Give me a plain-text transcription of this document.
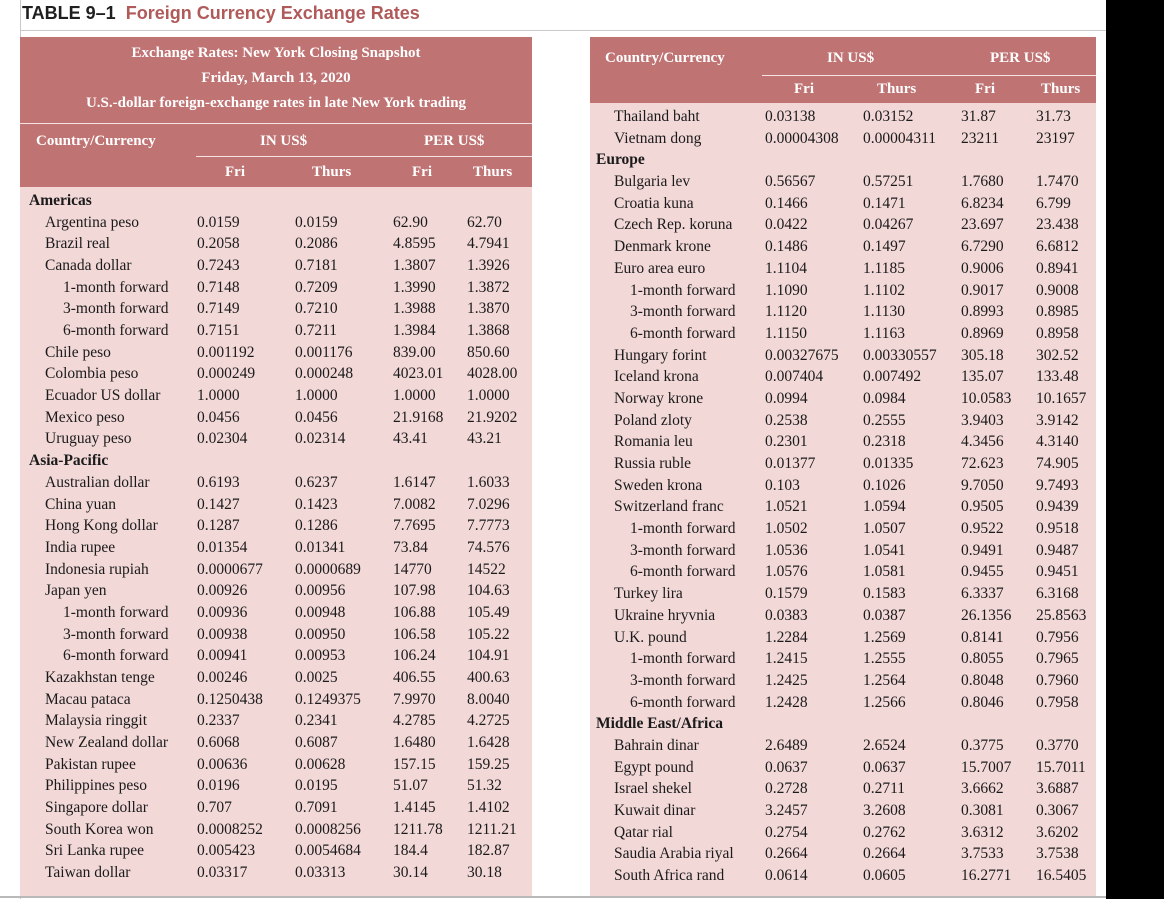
TABLE 9–1 Foreign Currency Exchange Rates
Exchange Rates: New York Closing Snapshot
Friday, March 13, 2020
U.S.-dollar foreign-exchange rates in late New York trading
Country/Currency	IN US$	PER US$
Fri	Thurs	Fri	Thurs
Americas
Argentina peso	0.0159	0.0159	62.90	62.70
Brazil real	0.2058	0.2086	4.8595 4.7941
Canada dollar	0.7243	0.7181	1.3807 1.3926
1-month forward 0.7148	0.7209	1.3990 1.3872
3-month forward 0.7149	0.7210	1.3988 1.3870
6-month forward 0.7151	0.7211	1.3984 1.3868
Chile peso	0.001192	0.001176	839.00 850.60
Colombia peso	0.000249	0.000248	4023.01 4028.00
Ecuador US dollar 1.0000	1.0000	1.0000 1.0000
Mexico peso	0.0456	0.0456	21.9168 21.9202
Uruguay peso	0.02304	0.02314	43.41	43.21
Asia-Pacific
Australian dollar	0.6193	0.6237	1.6147 1.6033
China yuan	0.1427	0.1423	7.0082 7.0296
Hong Kong dollar	0.1287	0.1286	7.7695 7.7773
India rupee	0.01354	0.01341	73.84	74.576
Indonesia rupiah	0.0000677 0.0000689 14770 14522
Japan yen	0.00926	0.00956	107.98 104.63
1-month forward 0.00936	0.00948	106.88 105.49
3-month forward 0.00938	0.00950	106.58 105.22
6-month forward 0.00941	0.00953	106.24 104.91
Kazakhstan tenge	0.00246	0.0025	406.55 400.63
Macau pataca	0.1250438 0.1249375 7.9970 8.0040
Malaysia ringgit	0.2337	0.2341	4.2785 4.2725
New Zealand dollar 0.6068	0.6087	1.6480 1.6428
Pakistan rupee	0.00636	0.00628	157.15 159.25
Philippines peso	0.0196	0.0195	51.07	51.32
Singapore dollar	0.707	0.7091	1.4145 1.4102
South Korea won	0.0008252 0.0008256 1211.78 1211.21
Sri Lanka rupee	0.005423	0.0054684 184.4	182.87
Taiwan dollar	0.03317	0.03313	30.14	30.18
Country/Currency	IN US$	PER US$
Fri	Thurs	Fri	Thurs
Thailand baht	0.03138	0.03152	31.87	31.73
Vietnam dong	0.00004308 0.00004311 23211 23197
Europe
Bulgaria lev	0.56567	0.57251	1.7680 1.7470
Croatia kuna	0.1466	0.1471	6.8234 6.799
Czech Rep. koruna 0.0422	0.04267	23.697 23.438
Denmark krone	0.1486	0.1497	6.7290 6.6812
Euro area euro	1.1104	1.1185	0.9006 0.8941
1-month forward 1.1090	1.1102	0.9017 0.9008
3-month forward 1.1120	1.1130	0.8993 0.8985
6-month forward 1.1150	1.1163	0.8969 0.8958
Hungary forint	0.00327675 0.00330557 305.18 302.52
Iceland krona	0.007404	0.007492	135.07 133.48
Norway krone	0.0994	0.0984	10.0583 10.1657
Poland zloty	0.2538	0.2555	3.9403 3.9142
Romania leu	0.2301	0.2318	4.3456 4.3140
Russia ruble	0.01377	0.01335	72.623 74.905
Sweden krona	0.103	0.1026	9.7050 9.7493
Switzerland franc	1.0521	1.0594	0.9505 0.9439
1-month forward 1.0502	1.0507	0.9522 0.9518
3-month forward 1.0536	1.0541	0.9491 0.9487
6-month forward 1.0576	1.0581	0.9455 0.9451
Turkey lira	0.1579	0.1583	6.3337 6.3168
Ukraine hryvnia	0.0383	0.0387	26.1356 25.8563
U.K. pound	1.2284	1.2569	0.8141 0.7956
1-month forward 1.2415	1.2555	0.8055 0.7965
3-month forward 1.2425	1.2564	0.8048 0.7960
6-month forward 1.2428	1.2566	0.8046 0.7958
Middle East/Africa
Bahrain dinar	2.6489	2.6524	0.3775 0.3770
Egypt pound	0.0637	0.0637	15.7007 15.7011
Israel shekel	0.2728	0.2711	3.6662 3.6887
Kuwait dinar	3.2457	3.2608	0.3081 0.3067
Qatar rial	0.2754	0.2762	3.6312 3.6202
Saudia Arabia riyal 0.2664	0.2664	3.7533 3.7538
South Africa rand	0.0614	0.0605	16.2771 16.5405
